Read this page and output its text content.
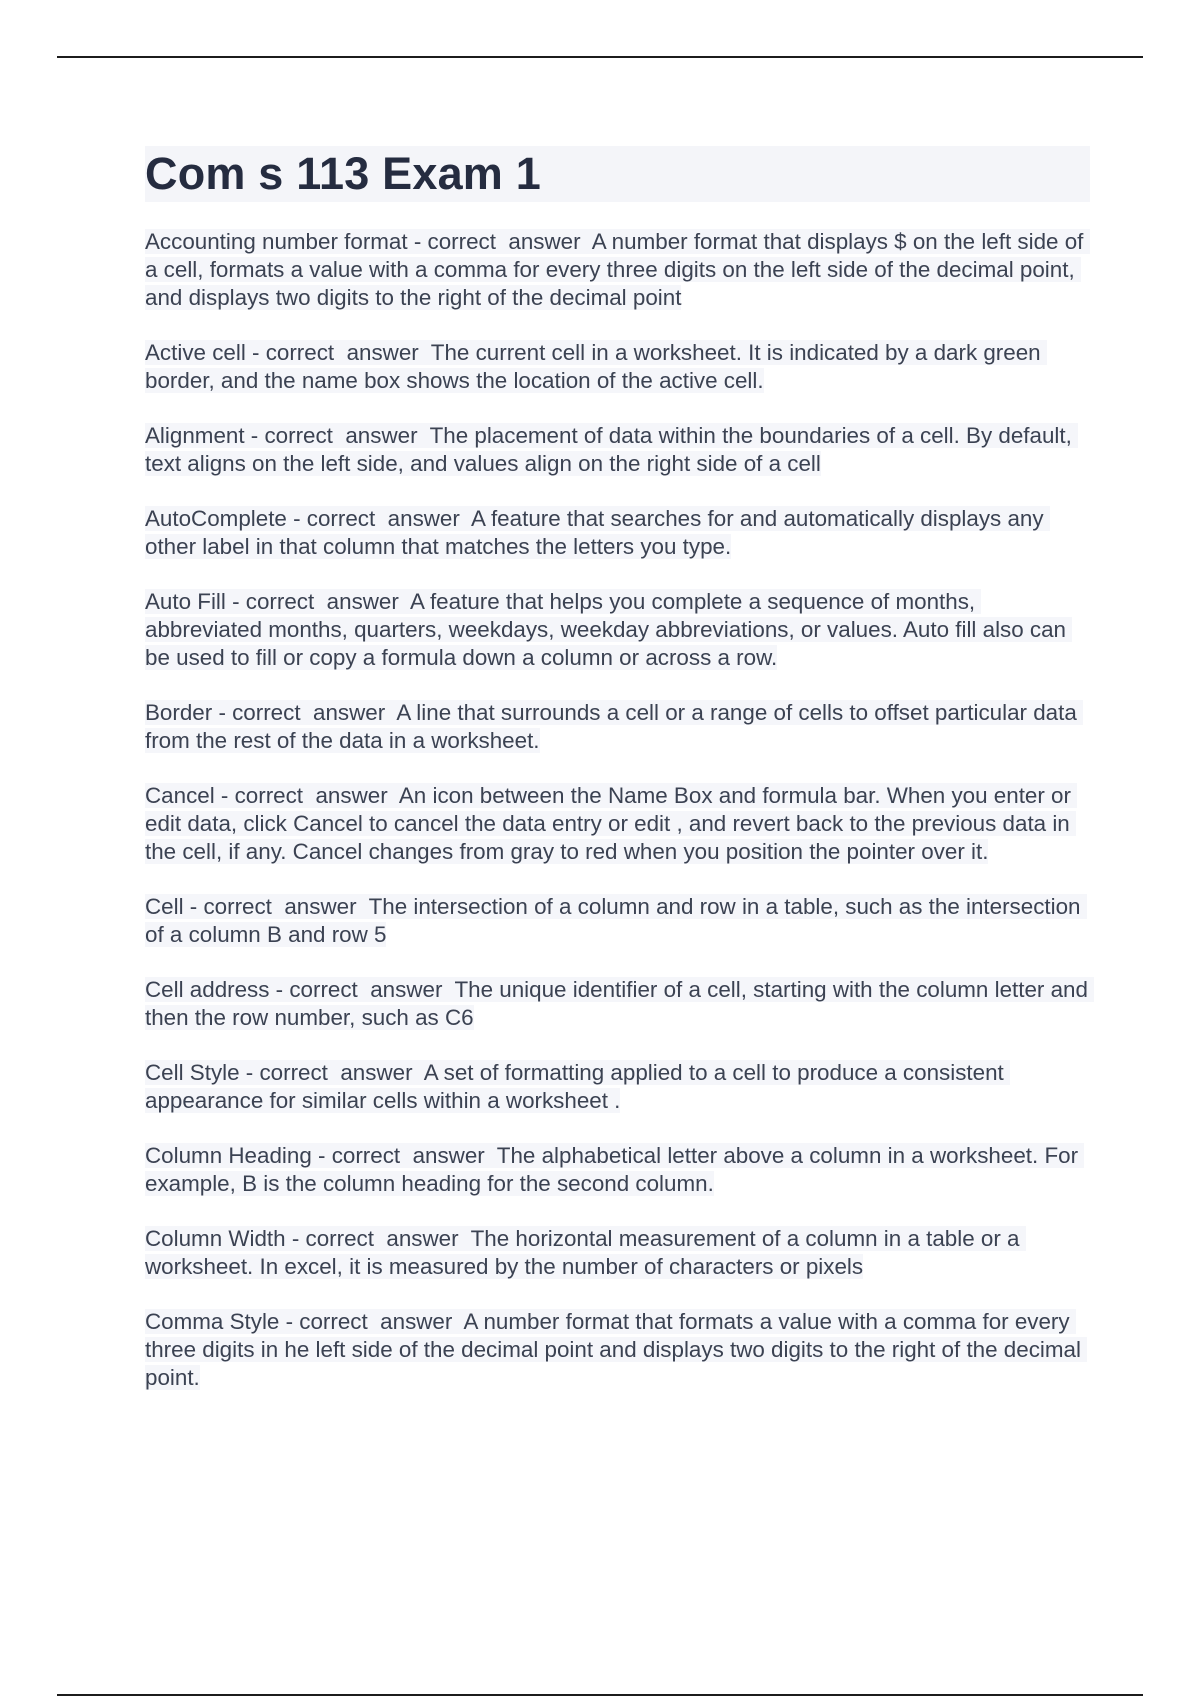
Com s 113 Exam 1

Accounting number format - correct  answer  A number format that displays $ on the left side of a cell, formats a value with a comma for every three digits on the left side of the decimal point, and displays two digits to the right of the decimal point

Active cell - correct  answer  The current cell in a worksheet. It is indicated by a dark green border, and the name box shows the location of the active cell.

Alignment - correct  answer  The placement of data within the boundaries of a cell. By default, text aligns on the left side, and values align on the right side of a cell

AutoComplete - correct  answer  A feature that searches for and automatically displays any other label in that column that matches the letters you type.

Auto Fill - correct  answer  A feature that helps you complete a sequence of months, abbreviated months, quarters, weekdays, weekday abbreviations, or values. Auto fill also can be used to fill or copy a formula down a column or across a row.

Border - correct  answer  A line that surrounds a cell or a range of cells to offset particular data from the rest of the data in a worksheet.

Cancel - correct  answer  An icon between the Name Box and formula bar. When you enter or edit data, click Cancel to cancel the data entry or edit , and revert back to the previous data in the cell, if any. Cancel changes from gray to red when you position the pointer over it.

Cell - correct  answer  The intersection of a column and row in a table, such as the intersection of a column B and row 5

Cell address - correct  answer  The unique identifier of a cell, starting with the column letter and then the row number, such as C6

Cell Style - correct  answer  A set of formatting applied to a cell to produce a consistent appearance for similar cells within a worksheet .

Column Heading - correct  answer  The alphabetical letter above a column in a worksheet. For example, B is the column heading for the second column.

Column Width - correct  answer  The horizontal measurement of a column in a table or a worksheet. In excel, it is measured by the number of characters or pixels

Comma Style - correct  answer  A number format that formats a value with a comma for every three digits in he left side of the decimal point and displays two digits to the right of the decimal point.
